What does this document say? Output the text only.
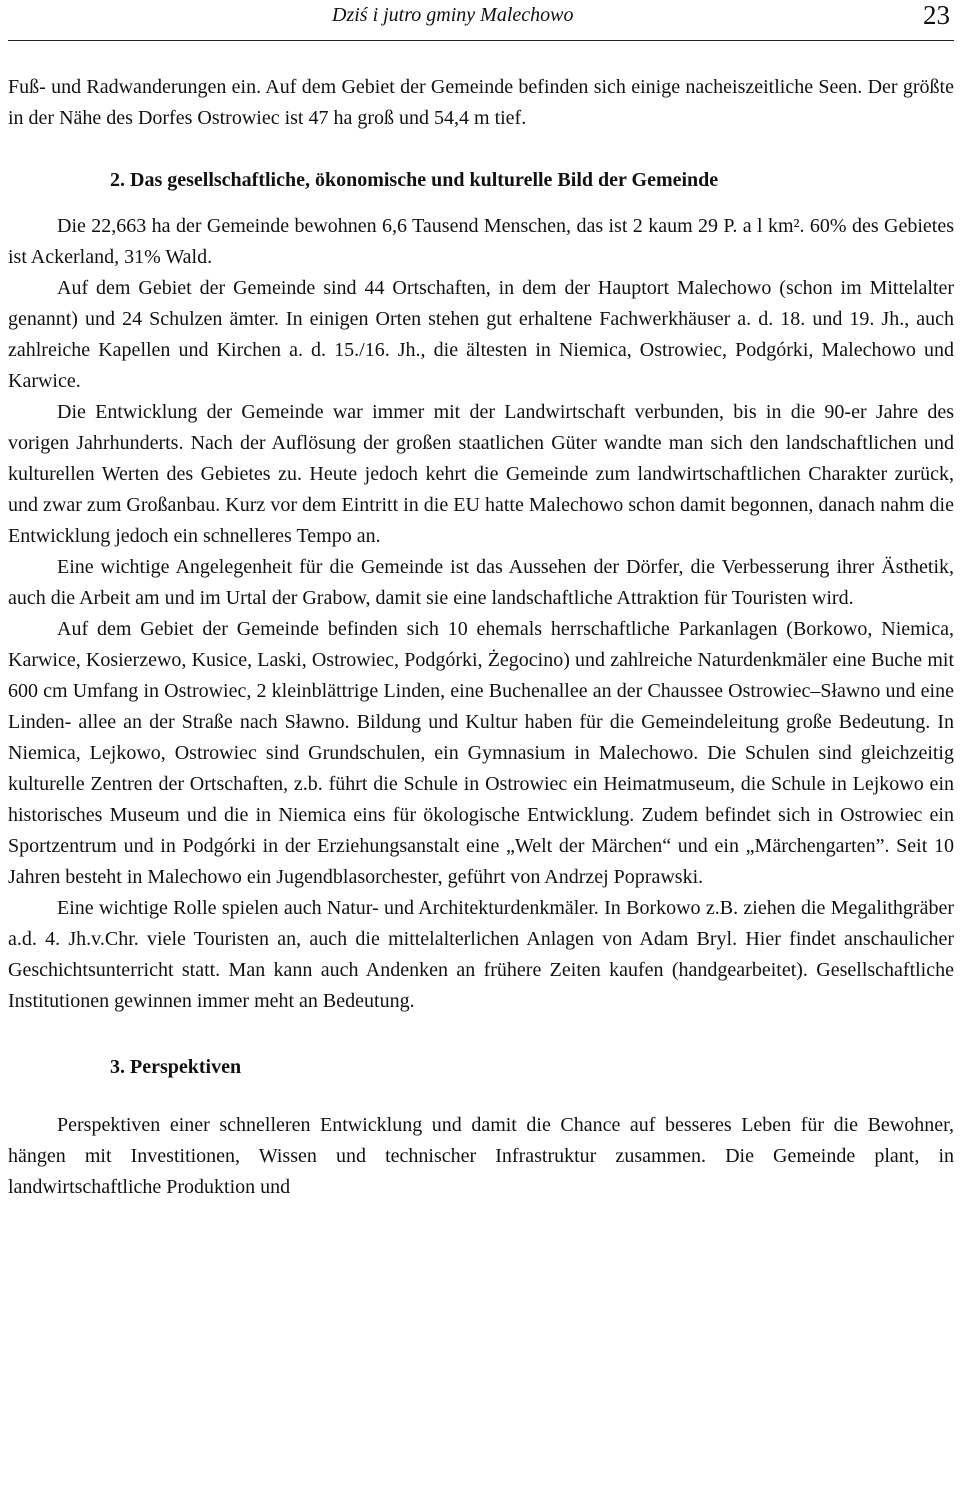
Dziś i jutro gminy Malechowo	23

Fuß- und Radwanderungen ein. Auf dem Gebiet der Gemeinde befinden sich einige nacheiszeitliche Seen. Der größte in der Nähe des Dorfes Ostrowiec ist 47 ha groß und 54,4 m tief.

2. Das gesellschaftliche, ökonomische und kulturelle Bild der Gemeinde

Die 22,663 ha der Gemeinde bewohnen 6,6 Tausend Menschen, das ist 2 kaum 29 P. a l km². 60% des Gebietes ist Ackerland, 31% Wald.

Auf dem Gebiet der Gemeinde sind 44 Ortschaften, in dem der Hauptort Malechowo (schon im Mittelalter genannt) und 24 Schulzen ämter. In einigen Orten stehen gut erhaltene Fachwerkhäuser a. d. 18. und 19. Jh., auch zahlreiche Kapellen und Kirchen a. d. 15./16. Jh., die ältesten in Niemica, Ostrowiec, Podgórki, Malechowo und Karwice.

Die Entwicklung der Gemeinde war immer mit der Landwirtschaft verbunden, bis in die 90-er Jahre des vorigen Jahrhunderts. Nach der Auflösung der großen staatlichen Güter wandte man sich den landschaftlichen und kulturellen Werten des Gebietes zu. Heute jedoch kehrt die Gemeinde zum landwirtschaftlichen Charakter zurück, und zwar zum Großanbau. Kurz vor dem Eintritt in die EU hatte Malechowo schon damit begonnen, danach nahm die Entwicklung jedoch ein schnelleres Tempo an.

Eine wichtige Angelegenheit für die Gemeinde ist das Aussehen der Dörfer, die Verbesserung ihrer Ästhetik, auch die Arbeit am und im Urtal der Grabow, damit sie eine landschaftliche Attraktion für Touristen wird.

Auf dem Gebiet der Gemeinde befinden sich 10 ehemals herrschaftliche Parkanlagen (Borkowo, Niemica, Karwice, Kosierzewo, Kusice, Laski, Ostrowiec, Podgórki, Żegocino) und zahlreiche Naturdenkmäler eine Buche mit 600 cm Umfang in Ostrowiec, 2 kleinblättrige Linden, eine Buchenallee an der Chaussee Ostrowiec–Sławno und eine Linden- allee an der Straße nach Sławno. Bildung und Kultur haben für die Gemeindeleitung große Bedeutung. In Niemica, Lejkowo, Ostrowiec sind Grundschulen, ein Gymnasium in Malechowo. Die Schulen sind gleichzeitig kulturelle Zentren der Ortschaften, z.b. führt die Schule in Ostrowiec ein Heimatmuseum, die Schule in Lejkowo ein historisches Museum und die in Niemica eins für ökologische Entwicklung. Zudem befindet sich in Ostrowiec ein Sportzentrum und in Podgórki in der Erziehungsanstalt eine „Welt der Märchen“ und ein „Märchengarten”. Seit 10 Jahren besteht in Malechowo ein Jugendblasorchester, geführt von Andrzej Poprawski.

Eine wichtige Rolle spielen auch Natur- und Architekturdenkmäler. In Borkowo z.B. ziehen die Megalithgräber a.d. 4. Jh.v.Chr. viele Touristen an, auch die mittelalterlichen Anlagen von Adam Bryl. Hier findet anschaulicher Geschichtsunterricht statt. Man kann auch Andenken an frühere Zeiten kaufen (handgearbeitet). Gesellschaftliche Institutionen gewinnen immer meht an Bedeutung.

3. Perspektiven

Perspektiven einer schnelleren Entwicklung und damit die Chance auf besseres Leben für die Bewohner, hängen mit Investitionen, Wissen und technischer Infrastruktur zusammen. Die Gemeinde plant, in landwirtschaftliche Produktion und
